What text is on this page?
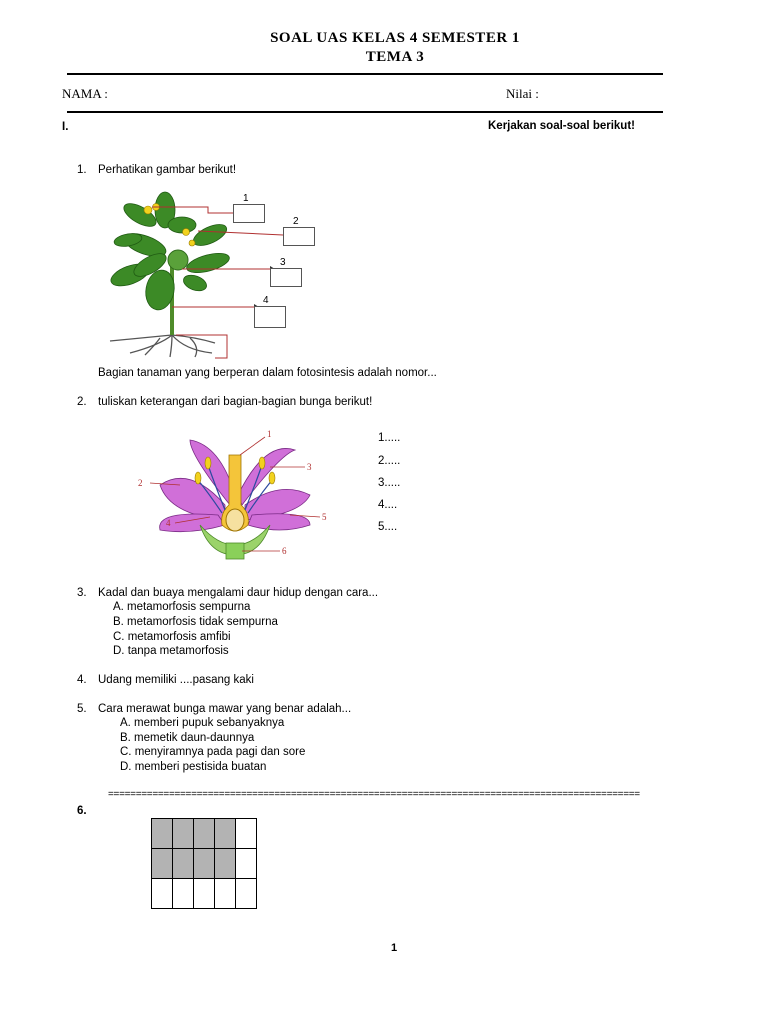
SOAL UAS KELAS 4 SEMESTER 1
TEMA 3
NAMA :	Nilai :
I.	Kerjakan soal-soal berikut!
1. Perhatikan gambar berikut!
1
2
3
4
Bagian tanaman yang berperan dalam fotosintesis adalah nomor...
2. tuliskan keterangan dari bagian-bagian bunga berikut!
1
2
3
4
5
6
1.....
2.....
3.....
4....
5....
3. Kadal dan buaya mengalami daur hidup dengan cara...
A. metamorfosis sempurna
B. metamorfosis tidak sempurna
C. metamorfosis amfibi
D. tanpa metamorfosis
4. Udang memiliki ....pasang kaki
5. Cara merawat bunga mawar yang benar adalah...
A. memberi pupuk sebanyaknya
B. memetik daun-daunnya
C. menyiramnya pada pagi dan sore
D. memberi pestisida buatan
================================================================================================
6.

1
